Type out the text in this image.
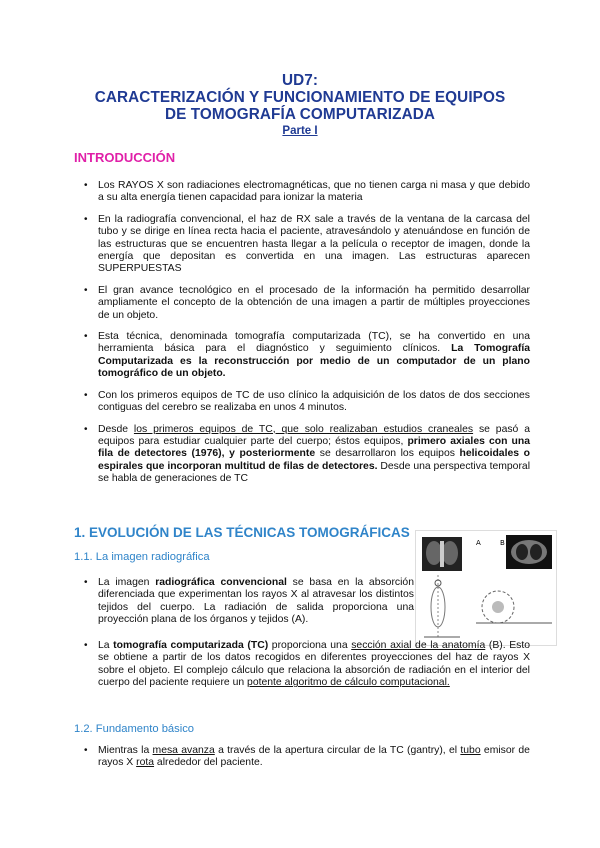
UD7:
CARACTERIZACIÓN Y FUNCIONAMIENTO DE EQUIPOS
DE TOMOGRAFÍA COMPUTARIZADA
Parte I
INTRODUCCIÓN
• Los RAYOS X son radiaciones electromagnéticas, que no tienen carga ni masa y que debido a su alta energía tienen capacidad para ionizar la materia
• En la radiografía convencional, el haz de RX sale a través de la ventana de la carcasa del tubo y se dirige en línea recta hacia el paciente, atravesándolo y atenuándose en función de las estructuras que se encuentren hasta llegar a la película o receptor de imagen, donde la energía que depositan es convertida en una imagen. Las estructuras aparecen SUPERPUESTAS
• El gran avance tecnológico en el procesado de la información ha permitido desarrollar ampliamente el concepto de la obtención de una imagen a partir de múltiples proyecciones de un objeto.
• Esta técnica, denominada tomografía computarizada (TC), se ha convertido en una herramienta básica para el diagnóstico y seguimiento clínicos. La Tomografía Computarizada es la reconstrucción por medio de un computador de un plano tomográfico de un objeto.
• Con los primeros equipos de TC de uso clínico la adquisición de los datos de dos secciones contiguas del cerebro se realizaba en unos 4 minutos.
• Desde los primeros equipos de TC, que solo realizaban estudios craneales se pasó a equipos para estudiar cualquier parte del cuerpo; éstos equipos, primero axiales con una fila de detectores (1976), y posteriormente se desarrollaron los equipos helicoidales o espirales que incorporan multitud de filas de detectores. Desde una perspectiva temporal se habla de generaciones de TC
1. EVOLUCIÓN DE LAS TÉCNICAS TOMOGRÁFICAS
A	B
1.1. La imagen radiográfica
• La imagen radiográfica convencional se basa en la absorción diferenciada que experimentan los rayos X al atravesar los distintos tejidos del cuerpo. La radiación de salida proporciona una proyección plana de los órganos y tejidos (A).
• La tomografía computarizada (TC) proporciona una sección axial de la anatomía (B). Esto se obtiene a partir de los datos recogidos en diferentes proyecciones del haz de rayos X sobre el objeto. El complejo cálculo que relaciona la absorción de radiación en el interior del cuerpo del paciente requiere un potente algoritmo de cálculo computacional.
1.2. Fundamento básico
• Mientras la mesa avanza a través de la apertura circular de la TC (gantry), el tubo emisor de rayos X rota alrededor del paciente.
